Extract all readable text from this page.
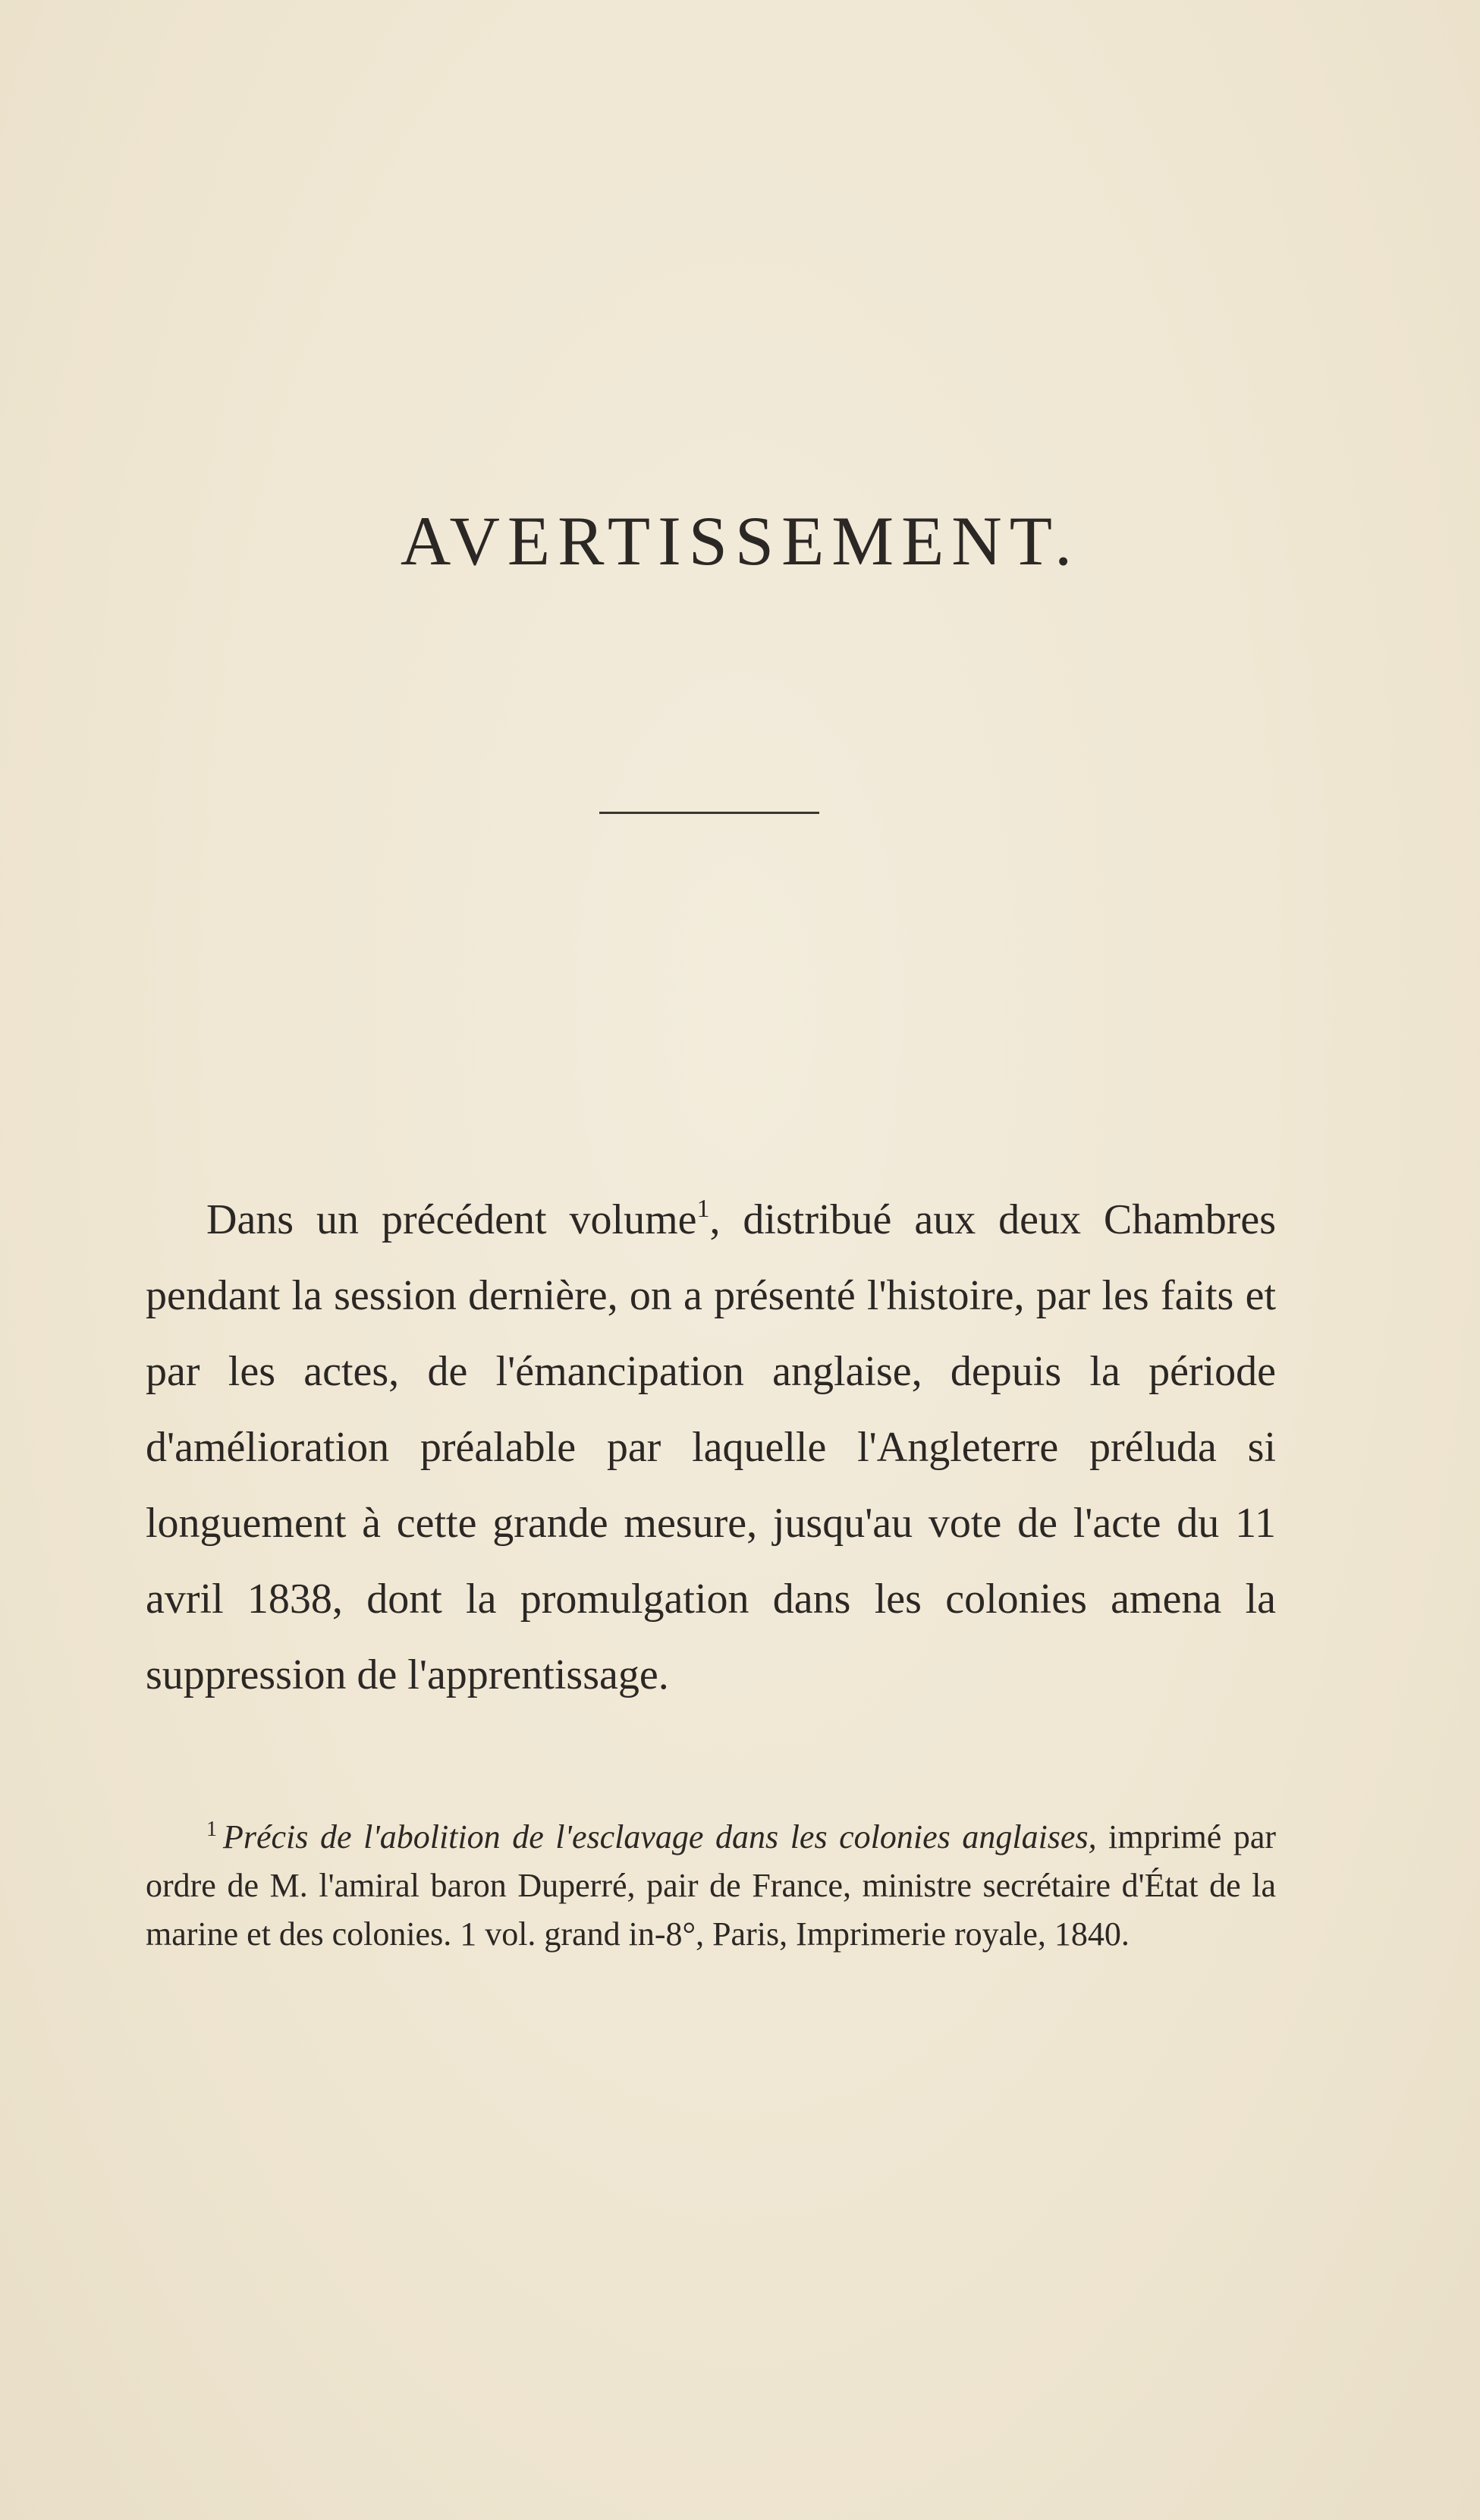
AVERTISSEMENT.

Dans un précédent volume$^1$, distribué aux deux Chambres pendant la session dernière, on a présenté l'histoire, par les faits et par les actes, de l'émancipation anglaise, depuis la période d'amélioration préalable par laquelle l'Angleterre préluda si longuement à cette grande mesure, jusqu'au vote de l'acte du 11 avril 1838, dont la promulgation dans les colonies amena la suppression de l'apprentissage.

$^1$ Précis de l'abolition de l'esclavage dans les colonies anglaises, imprimé par ordre de M. l'amiral baron Duperré, pair de France, ministre secrétaire d'État de la marine et des colonies. 1 vol. grand in-8°, Paris, Imprimerie royale, 1840.
